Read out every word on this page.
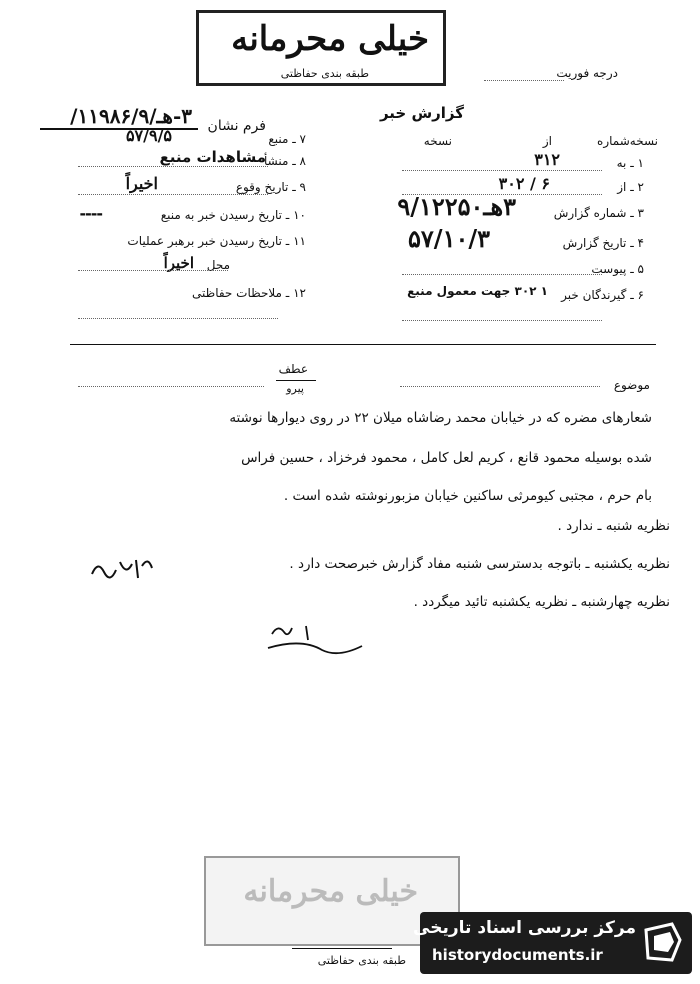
خیلی محرمانه
طبقه بندی حفاظتی	درجه فوریت
۳-هـ/۱۱۹۸۶/۹/ فرم نشان
گزارش خبر
نسخه‌شماره
از
نسخه
۱ ـ به
۳۱۲
۲ ـ از
۳۰۲ / ۶
۳ ـ شماره گزارش
۳هـ۹/۱۲۲۵۰
۴ ـ تاریخ گزارش
۵۷/۱۰/۳
۵ ـ پیوست
۶ ـ گیرندگان خبر
۱ ۳۰۲ جهت معمول منبع
۷ ـ منبع
۵۷/۹/۵
۸ ـ منشأ
مشاهدات منبع
۹ ـ تاریخ وقوع
اخیراً
۱۰ ـ تاریخ رسیدن خبر به منبع
----
۱۱ ـ تاریخ رسیدن خبر برهبر عملیات
محل
اخیراً
۱۲ ـ ملاحظات حفاظتی
عطف
پیرو	موضوع
شعارهای مضره که در خیابان محمد رضاشاه میلان ۲۲ در روی دیوارها نوشته
شده بوسیله محمود قانع ، کریم لعل کامل ، محمود فرخزاد ، حسین فراس
بام حرم ، مجتبی کیومرثی ساکنین خیابان مزبورنوشته شده است .
نظریه شنبه ـ ندارد .
نظریه یکشنبه ـ باتوجه بدسترسی شنبه مفاد گزارش خبرصحت دارد .
نظریه چهارشنبه ـ نظریه یکشنبه تائید میگردد .
خیلی محرمانه
طبقه بندی حفاظتی
مرکز بررسی اسناد تاریخی
historydocuments.ir
